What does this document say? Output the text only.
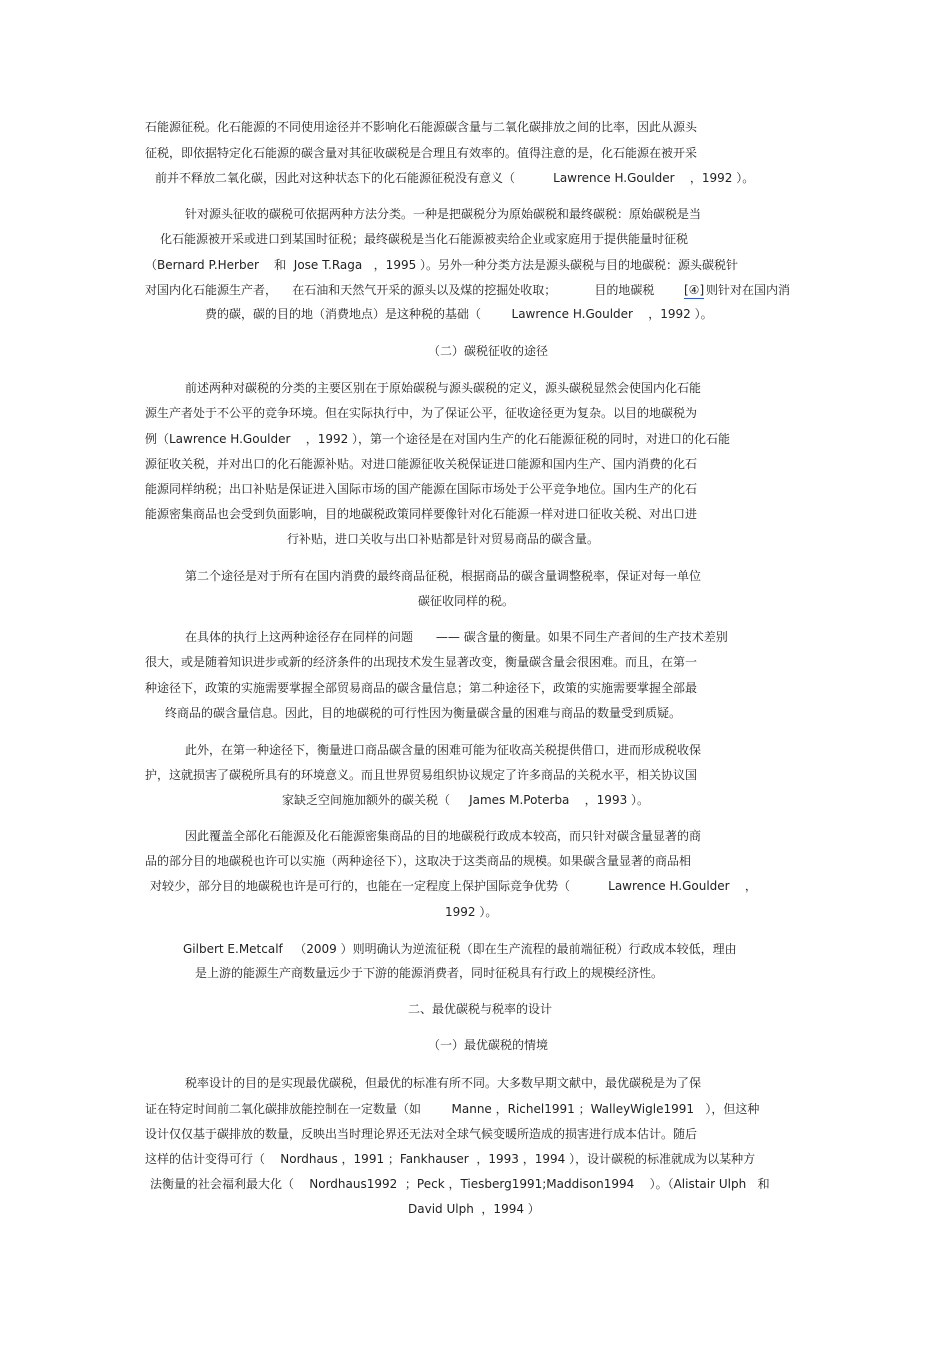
石能源征税。化石能源的不同使用途径并不影响化石能源碳含量与二氧化碳排放之间的比率，因此从源头

征税，即依据特定化石能源的碳含量对其征收碳税是合理且有效率的。值得注意的是，化石能源在被开采

前并不释放二氧化碳，因此对这种状态下的化石能源征税没有意义（          Lawrence H.Goulder    ，1992 ）。

针对源头征收的碳税可依据两种方法分类。一种是把碳税分为原始碳税和最终碳税：原始碳税是当

化石能源被开采或进口到某国时征税；最终碳税是当化石能源被卖给企业或家庭用于提供能量时征税

（Bernard P.Herber    和  Jose T.Raga   ，1995 ）。另外一种分类方法是源头碳税与目的地碳税：源头碳税针

对国内化石能源生产者，    在石油和天然气开采的源头以及煤的挖掘处收取；          目的地碳税	[④] 则针对在国内消

费的碳，碳的目的地（消费地点）是这种税的基础（        Lawrence H.Goulder    ，1992 ）。

（二）碳税征收的途径

前述两种对碳税的分类的主要区别在于原始碳税与源头碳税的定义，源头碳税显然会使国内化石能

源生产者处于不公平的竞争环境。但在实际执行中，为了保证公平，征收途径更为复杂。以目的地碳税为

例（Lawrence H.Goulder    ，1992 ），第一个途径是在对国内生产的化石能源征税的同时，对进口的化石能

源征收关税，并对出口的化石能源补贴。对进口能源征收关税保证进口能源和国内生产、国内消费的化石

能源同样纳税；出口补贴是保证进入国际市场的国产能源在国际市场处于公平竞争地位。国内生产的化石

能源密集商品也会受到负面影响，目的地碳税政策同样要像针对化石能源一样对进口征收关税、对出口进

行补贴，进口关收与出口补贴都是针对贸易商品的碳含量。

第二个途径是对于所有在国内消费的最终商品征税，根据商品的碳含量调整税率，保证对每一单位

碳征收同样的税。

在具体的执行上这两种途径存在同样的问题      —— 碳含量的衡量。如果不同生产者间的生产技术差别

很大，或是随着知识进步或新的经济条件的出现技术发生显著改变，衡量碳含量会很困难。而且，在第一

种途径下，政策的实施需要掌握全部贸易商品的碳含量信息；第二种途径下，政策的实施需要掌握全部最

终商品的碳含量信息。因此，目的地碳税的可行性因为衡量碳含量的困难与商品的数量受到质疑。

此外，在第一种途径下，衡量进口商品碳含量的困难可能为征收高关税提供借口，进而形成税收保

护，这就损害了碳税所具有的环境意义。而且世界贸易组织协议规定了许多商品的关税水平，相关协议国

家缺乏空间施加额外的碳关税（     James M.Poterba    ，1993 ）。

因此覆盖全部化石能源及化石能源密集商品的目的地碳税行政成本较高，而只针对碳含量显著的商

品的部分目的地碳税也许可以实施（两种途径下），这取决于这类商品的规模。如果碳含量显著的商品相

对较少，部分目的地碳税也许是可行的，也能在一定程度上保护国际竞争优势（          Lawrence H.Goulder    ，

1992 ）。

Gilbert E.Metcalf   （2009 ）则明确认为逆流征税（即在生产流程的最前端征税）行政成本较低，理由

是上游的能源生产商数量远少于下游的能源消费者，同时征税具有行政上的规模经济性。

二、最优碳税与税率的设计

（一）最优碳税的情境

税率设计的目的是实现最优碳税，但最优的标准有所不同。大多数早期文献中，最优碳税是为了保

证在特定时间前二氧化碳排放能控制在一定数量（如        Manne ，Richel1991 ；WalleyWigle1991   ），但这种

设计仅仅基于碳排放的数量，反映出当时理论界还无法对全球气候变暖所造成的损害进行成本估计。随后

这样的估计变得可行（    Nordhaus ，1991 ；Fankhauser  ，1993 ，1994 ），设计碳税的标准就成为以某种方

法衡量的社会福利最大化（    Nordhaus1992  ；Peck ，Tiesberg1991;Maddison1994    ）。（Alistair Ulph   和

David Ulph  ，1994 ）
